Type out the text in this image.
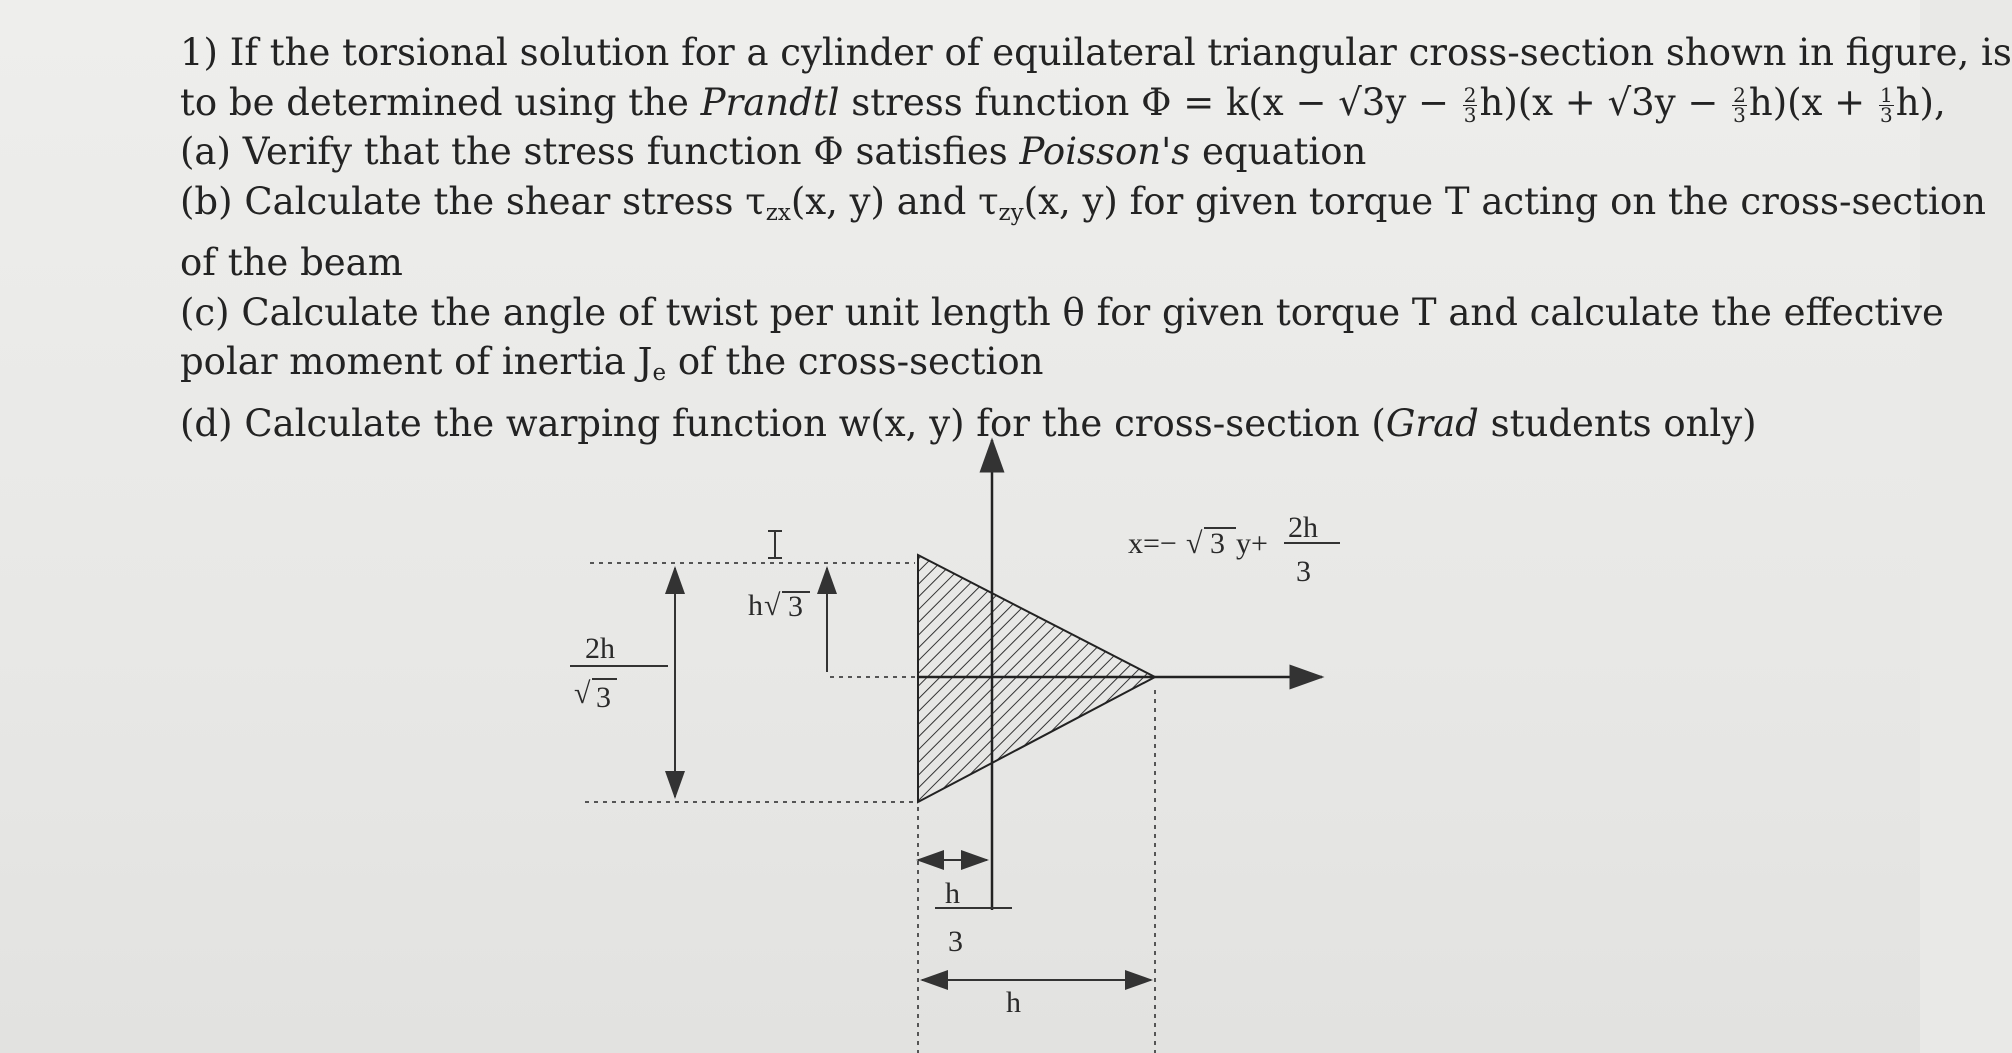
1) If the torsional solution for a cylinder of equilateral triangular cross-section shown in figure, is
to be determined using the Prandtl stress function $\Phi = k(x - √3y - \frac{2}{3} h)(x + √3y - \frac{2}{3} h)(x + \frac{1}{3} h)$,
(a) Verify that the stress function Φ satisfies Poisson's equation
(b) Calculate the shear stress $\tau_{zx}(x$, y) and $\tau_{zy}(x$, y) for given torque T acting on the cross-section
of the beam
(c) Calculate the angle of twist per unit length θ for given torque T and calculate the effective
polar moment of inertia $J_e$ of the cross-section
(d) Calculate the warping function w(x, y) for the cross-section (Grad students only)
2h
√ 3
h √ 3
h
3
h
x=− √ 3 y+ 2h
3
